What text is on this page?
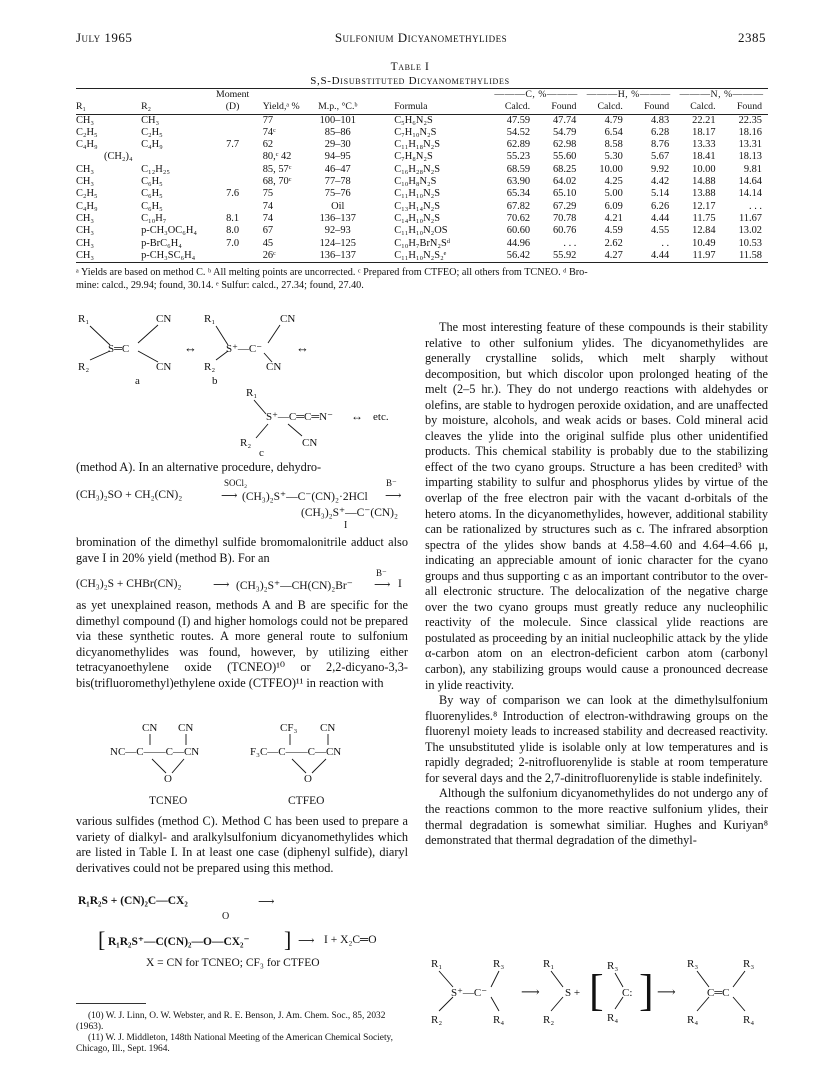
July 1965	Sulfonium Dicyanomethylides	2385
Table I
S,S-Disubstituted Dicyanomethylides

		Moment				———C, %———		———H, %———		———N, %———	
R₁	R₂	(D)	Yield,ᵃ %	M.p., °C.ᵇ	Formula	Calcd.	Found	Calcd.	Found	Calcd.	Found
CH₃	CH₃		77	100–101	C₅H₆N₂S	47.59	47.74	4.79	4.83	22.21	22.35
C₂H₅	C₂H₅		74ᶜ	85–86	C₇H₁₀N₂S	54.52	54.79	6.54	6.28	18.17	18.16
C₄H₉	C₄H₉	7.7	62	29–30	C₁₁H₁₈N₂S	62.89	62.98	8.58	8.76	13.33	13.31
(CH₂)₄			80,ᶜ 42	94–95	C₇H₈N₂S	55.23	55.60	5.30	5.67	18.41	18.13
CH₃	C₁₂H₂₅		85, 57ᶜ	46–47	C₁₆H₂₈N₂S	68.59	68.25	10.00	9.92	10.00	9.81
CH₃	C₆H₅		68, 70ᶜ	77–78	C₁₀H₈N₂S	63.90	64.02	4.25	4.42	14.88	14.64
C₂H₅	C₆H₅	7.6	75	75–76	C₁₁H₁₀N₂S	65.34	65.10	5.00	5.14	13.88	14.14
C₄H₉	C₆H₅		74	Oil	C₁₃H₁₄N₂S	67.82	67.29	6.09	6.26	12.17	. . .
CH₃	C₁₀H₇	8.1	74	136–137	C₁₄H₁₀N₂S	70.62	70.78	4.21	4.44	11.75	11.67
CH₃	p-CH₃OC₆H₄	8.0	67	92–93	C₁₁H₁₀N₂OS	60.60	60.76	4.59	4.55	12.84	13.02
CH₃	p-BrC₆H₄	7.0	45	124–125	C₁₀H₇BrN₂Sᵈ	44.96	. . .	2.62	. .	10.49	10.53
CH₃	p-CH₃SC₆H₄		26ᶜ	136–137	C₁₁H₁₀N₂S₂ᵉ	56.42	55.92	4.27	4.44	11.97	11.58
ᵃ Yields are based on method C. ᵇ All melting points are uncorrected. ᶜ Prepared from CTFEO; all others from TCNEO. ᵈ Bro-
mine: calcd., 29.94; found, 30.14. ᵉ Sulfur: calcd., 27.34; found, 27.40.
R₁
R₂
S═C
CN
CN
↔
R₁
R₂
S⁺—C⁻
CN
CN
↔
R₁
S⁺—C═C═N⁻ ↔
R₂	CN
a	b
etc.
c

(method A). In an alternative procedure, dehydro-

SOCl₂	B⁻
(CH₃)₂SO + CH₂(CN)₂	⟶ (CH₃)₂S⁺—C⁻(CN)₂·2HCl ⟶
(CH₃)₂S⁺—C⁻(CN)₂
I

bromination of the dimethyl sulfide bromomalonitrile adduct also gave I in 20% yield (method B). For an

B⁻
(CH₃)₂S + CHBr(CN)₂	⟶ (CH₃)₂S⁺—CH(CN)₂Br⁻ ⟶ I

as yet unexplained reason, methods A and B are specific for the dimethyl compound (I) and higher homologs could not be prepared via these synthetic routes. A more general route to sulfonium dicyanomethylides was found, however, by utilizing either tetracyanoethylene oxide (TCNEO)¹⁰ or 2,2-dicyano-3,3-bis(trifluoromethyl)ethylene oxide (CTFEO)¹¹ in reaction with

CN CN
NC—C——C—CN
O
CF₃ CN
F₃C—C——C—CN
O
TCNEO	CTFEO

various sulfides (method C). Method C has been used to prepare a variety of dialkyl- and aralkylsulfonium dicyanomethylides which are listed in Table I. In at least one case (diphenyl sulfide), diaryl derivatives could not be prepared using this method.

R₁R₂S + (CN)₂C—CX₂	⟶
O
[ R₁R₂S⁺—C(CN)₂—O—CX₂⁻ ] ⟶ I + X₂C═O
X = CN for TCNEO; CF₃ for CTFEO
(10) W. J. Linn, O. W. Webster, and R. E. Benson, J. Am. Chem. Soc., 85, 2032 (1963).
(11) W. J. Middleton, 148th National Meeting of the American Chemical Society, Chicago, Ill., Sept. 1964.

The most interesting feature of these compounds is their stability relative to other sulfonium ylides. The dicyanomethylides are generally crystalline solids, which melt sharply without decomposition, but which discolor upon prolonged heating of the melt (2–5 hr.). They do not undergo reactions with aldehydes or olefins, are stable to hydrogen peroxide oxidation, and are unaffected by moisture, alcohols, and weak acids or bases. Cold mineral acid cleaves the ylide into the original sulfide plus other unidentified products. This chemical stability is probably due to the stabilizing effect of the two cyano groups. Structure a has been credited³ with imparting stability to sulfur and phosphorus ylides by virtue of the overlap of the free electron pair with the vacant d-orbitals of the hetero atoms. In the dicyanomethylides, however, additional stability can be rationalized by structures such as c. The infrared absorption spectra of the ylides show bands at 4.58–4.60 and 4.64–4.66 μ, indicating an appreciable amount of ionic character for the cyano groups and thus supporting c as an important contributor to the over-all electronic structure. The delocalization of the negative charge over the two cyano groups must greatly reduce any nucleophilic reactivity of the molecule. Since classical ylide reactions are postulated as proceeding by an initial nucleophilic attack by the ylide α-carbon atom on an electron-deficient carbon atom (carbonyl carbon), any stabilizing groups would cause a pronounced decrease in ylide reactivity.

By way of comparison we can look at the dimethylsulfonium fluorenylides.⁸ Introduction of electron-withdrawing groups on the fluorenyl moiety leads to increased stability and decreased reactivity. The unsubstituted ylide is isolable only at low temperatures and is rapidly degraded; 2-nitrofluorenylide is stable at room temperature for several days and the 2,7-dinitrofluorenylide is stable indefinitely.

Although the sulfonium dicyanomethylides do not undergo any of the reactions common to the more reactive sulfonium ylides, their thermal degradation is somewhat similiar. Hughes and Kuriyan⁸ demonstrated that thermal degradation of the dimethyl-

R₁
R₂
R₃
R₄
S⁺—C⁻	⟶
R₁
R₂
S + [ R₃
R₄
C: ] ⟶
R₃
R₄
C═C
R₃
R₄
